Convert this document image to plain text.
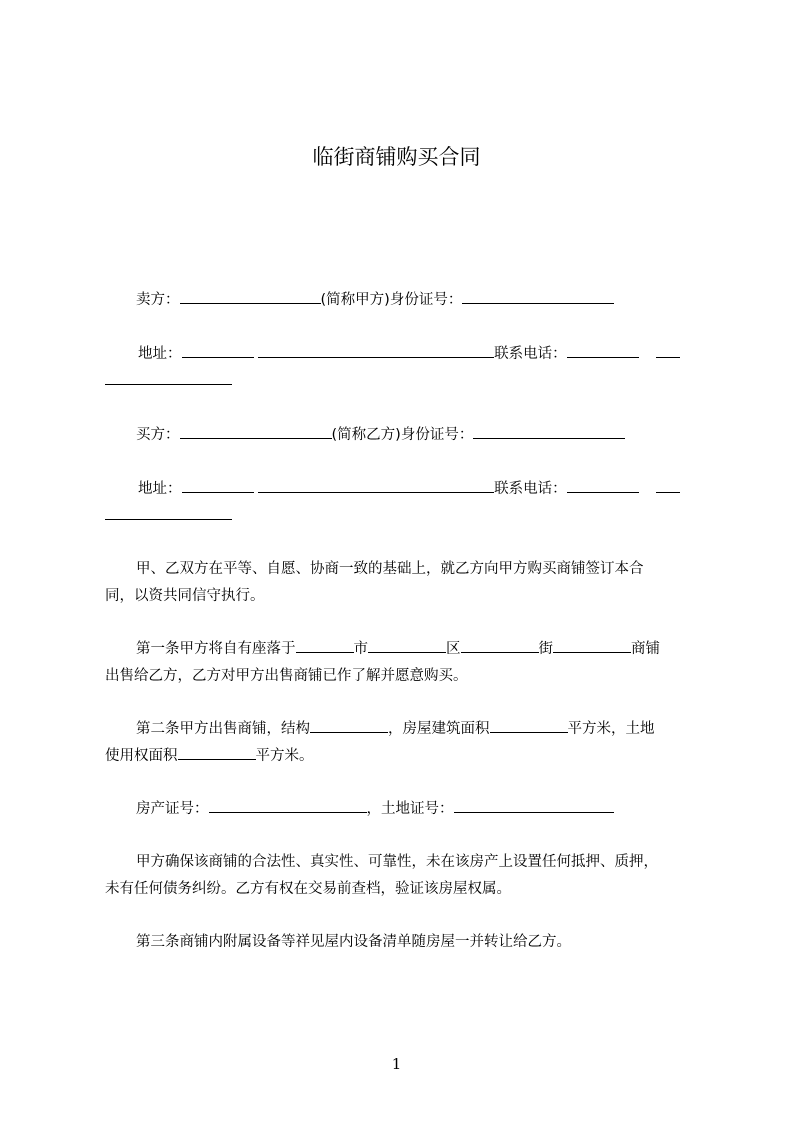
临街商铺购买合同
卖方：	(简称甲方)身份证号：
地址：	联系电话：
买方：	(简称乙方)身份证号：
地址：	联系电话：
甲、乙双方在平等、自愿、协商一致的基础上，就乙方向甲方购买商铺签订本合
同，以资共同信守执行。
第一条甲方将自有座落于	市	区	街	商铺
出售给乙方，乙方对甲方出售商铺已作了解并愿意购买。
第二条甲方出售商铺，结构	，房屋建筑面积	平方米，土地
使用权面积	平方米。
房产证号：	，土地证号：
甲方确保该商铺的合法性、真实性、可靠性，未在该房产上设置任何抵押、质押，
未有任何债务纠纷。乙方有权在交易前查档，验证该房屋权属。
第三条商铺内附属设备等祥见屋内设备清单随房屋一并转让给乙方。
1
